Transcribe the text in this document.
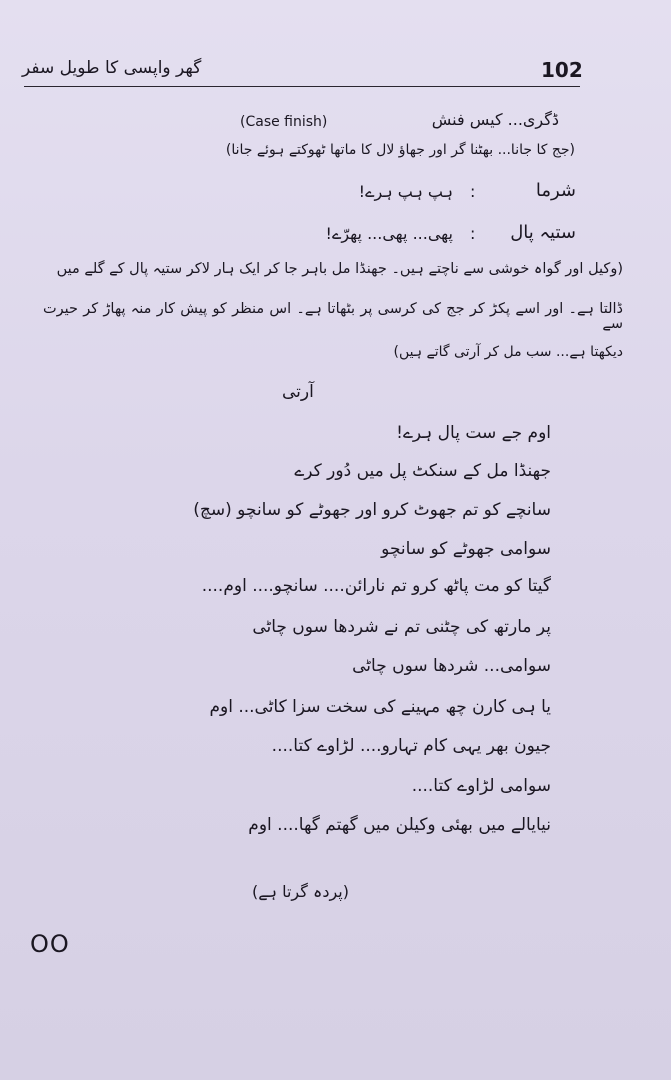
گھر واپسی کا طویل سفر	102
ڈگری... کیس فنش
(Case finish)
(جج کا جانا... بھٹنا گر اور جھاؤ لال کا ماتھا ٹھوکتے ہوئے جانا)
شرما
:
ہپ ہپ ہرے!
ستیہ پال
:
پھی... پھی... پھرّے!
(وکیل اور گواہ خوشی سے ناچتے ہیں۔ جھنڈا مل باہر جا کر ایک ہار لاکر ستیہ پال کے گلے میں
ڈالتا ہے۔ اور اسے پکڑ کر جج کی کرسی پر بٹھاتا ہے۔ اس منظر کو پیش کار منہ پھاڑ کر حیرت سے
دیکھتا ہے... سب مل کر آرتی گاتے ہیں)
آرتی
اوم جے ست پال ہرے!
جھنڈا مل کے سنکٹ پل میں دُور کرے
سانچے کو تم جھوٹ کرو اور جھوٹے کو سانچو (سچ)
سوامی جھوٹے کو سانچو
گیتا کو مت پاٹھ کرو تم نارائن.... سانچو.... اوم....
پر مارتھ کی چٹنی تم نے شردھا سوں چاٹی
سوامی... شردھا سوں چاٹی
یا ہی کارن چھ مہینے کی سخت سزا کاٹی... اوم
جیون بھر یہی کام تہارو.... لڑاوے کتا....
سوامی لڑاوے کتا....
نیایالے میں بھئی وکیلن میں گھتم گھا.... اوم
(پردہ گرتا ہے)
OO
